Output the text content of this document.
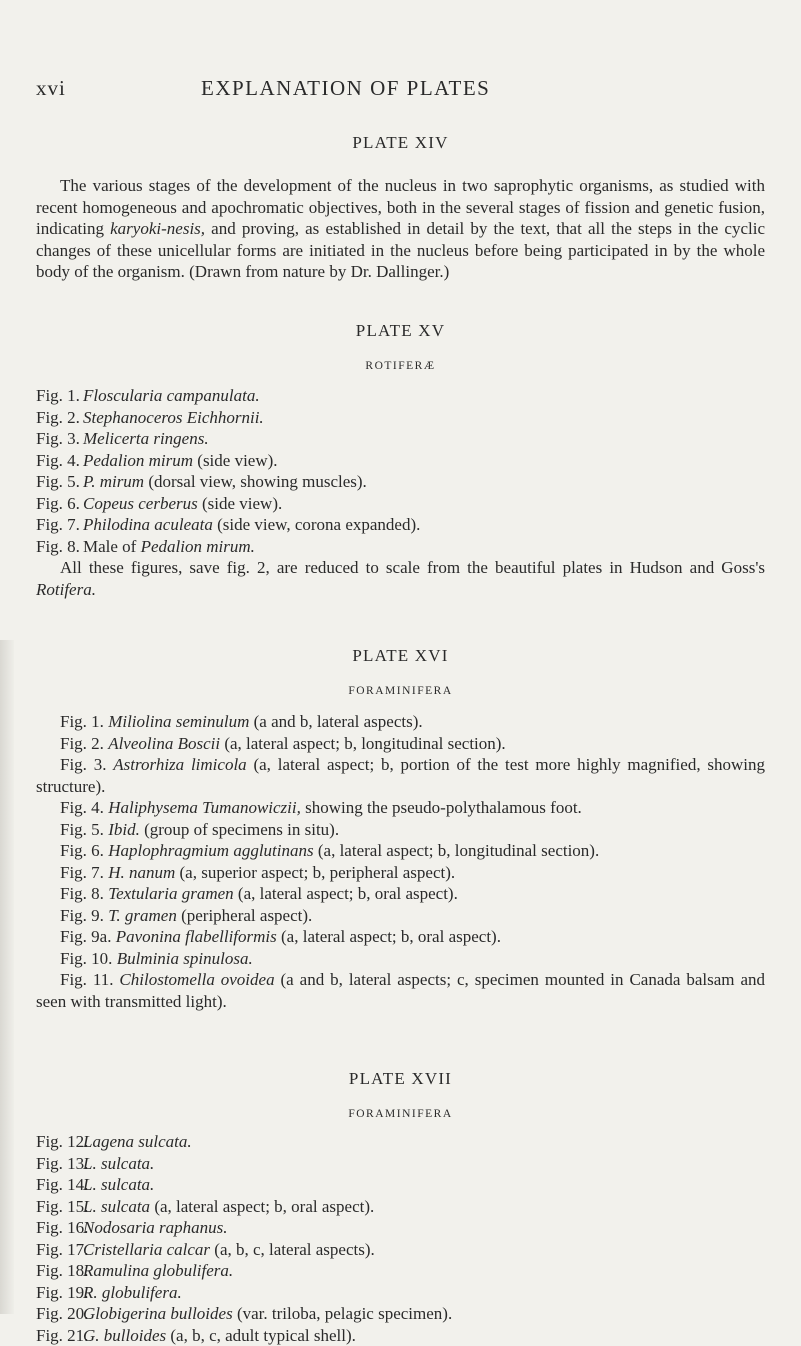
xvi	EXPLANATION OF PLATES
PLATE XIV
The various stages of the development of the nucleus in two saprophytic organisms, as studied with recent homogeneous and apochromatic objectives, both in the several stages of fission and genetic fusion, indicating karyoki-nesis, and proving, as established in detail by the text, that all the steps in the cyclic changes of these unicellular forms are initiated in the nucleus before being participated in by the whole body of the organism. (Drawn from nature by Dr. Dallinger.)
PLATE XV
ROTIFERÆ
Fig. 1. Floscularia campanulata.
Fig. 2. Stephanoceros Eichhornii.
Fig. 3. Melicerta ringens.
Fig. 4. Pedalion mirum (side view).
Fig. 5. P. mirum (dorsal view, showing muscles).
Fig. 6. Copeus cerberus (side view).
Fig. 7. Philodina aculeata (side view, corona expanded).
Fig. 8. Male of Pedalion mirum.
All these figures, save fig. 2, are reduced to scale from the beautiful plates in Hudson and Goss's Rotifera.
PLATE XVI
FORAMINIFERA
Fig. 1. Miliolina seminulum (a and b, lateral aspects).
Fig. 2. Alveolina Boscii (a, lateral aspect; b, longitudinal section).
Fig. 3. Astrorhiza limicola (a, lateral aspect; b, portion of the test more highly magnified, showing structure).
Fig. 4. Haliphysema Tumanowiczii, showing the pseudo-polythalamous foot.
Fig. 5. Ibid. (group of specimens in situ).
Fig. 6. Haplophragmium agglutinans (a, lateral aspect; b, longitudinal section).
Fig. 7. H. nanum (a, superior aspect; b, peripheral aspect).
Fig. 8. Textularia gramen (a, lateral aspect; b, oral aspect).
Fig. 9. T. gramen (peripheral aspect).
Fig. 9a. Pavonina flabelliformis (a, lateral aspect; b, oral aspect).
Fig. 10. Bulminia spinulosa.
Fig. 11. Chilostomella ovoidea (a and b, lateral aspects; c, specimen mounted in Canada balsam and seen with transmitted light).
PLATE XVII
FORAMINIFERA
Fig. 12.Lagena sulcata.
Fig. 13.L. sulcata.
Fig. 14.L. sulcata.
Fig. 15.L. sulcata (a, lateral aspect; b, oral aspect).
Fig. 16.Nodosaria raphanus.
Fig. 17.Cristellaria calcar (a, b, c, lateral aspects).
Fig. 18.Ramulina globulifera.
Fig. 19.R. globulifera.
Fig. 20.Globigerina bulloides (var. triloba, pelagic specimen).
Fig. 21.G. bulloides (a, b, c, adult typical shell).
